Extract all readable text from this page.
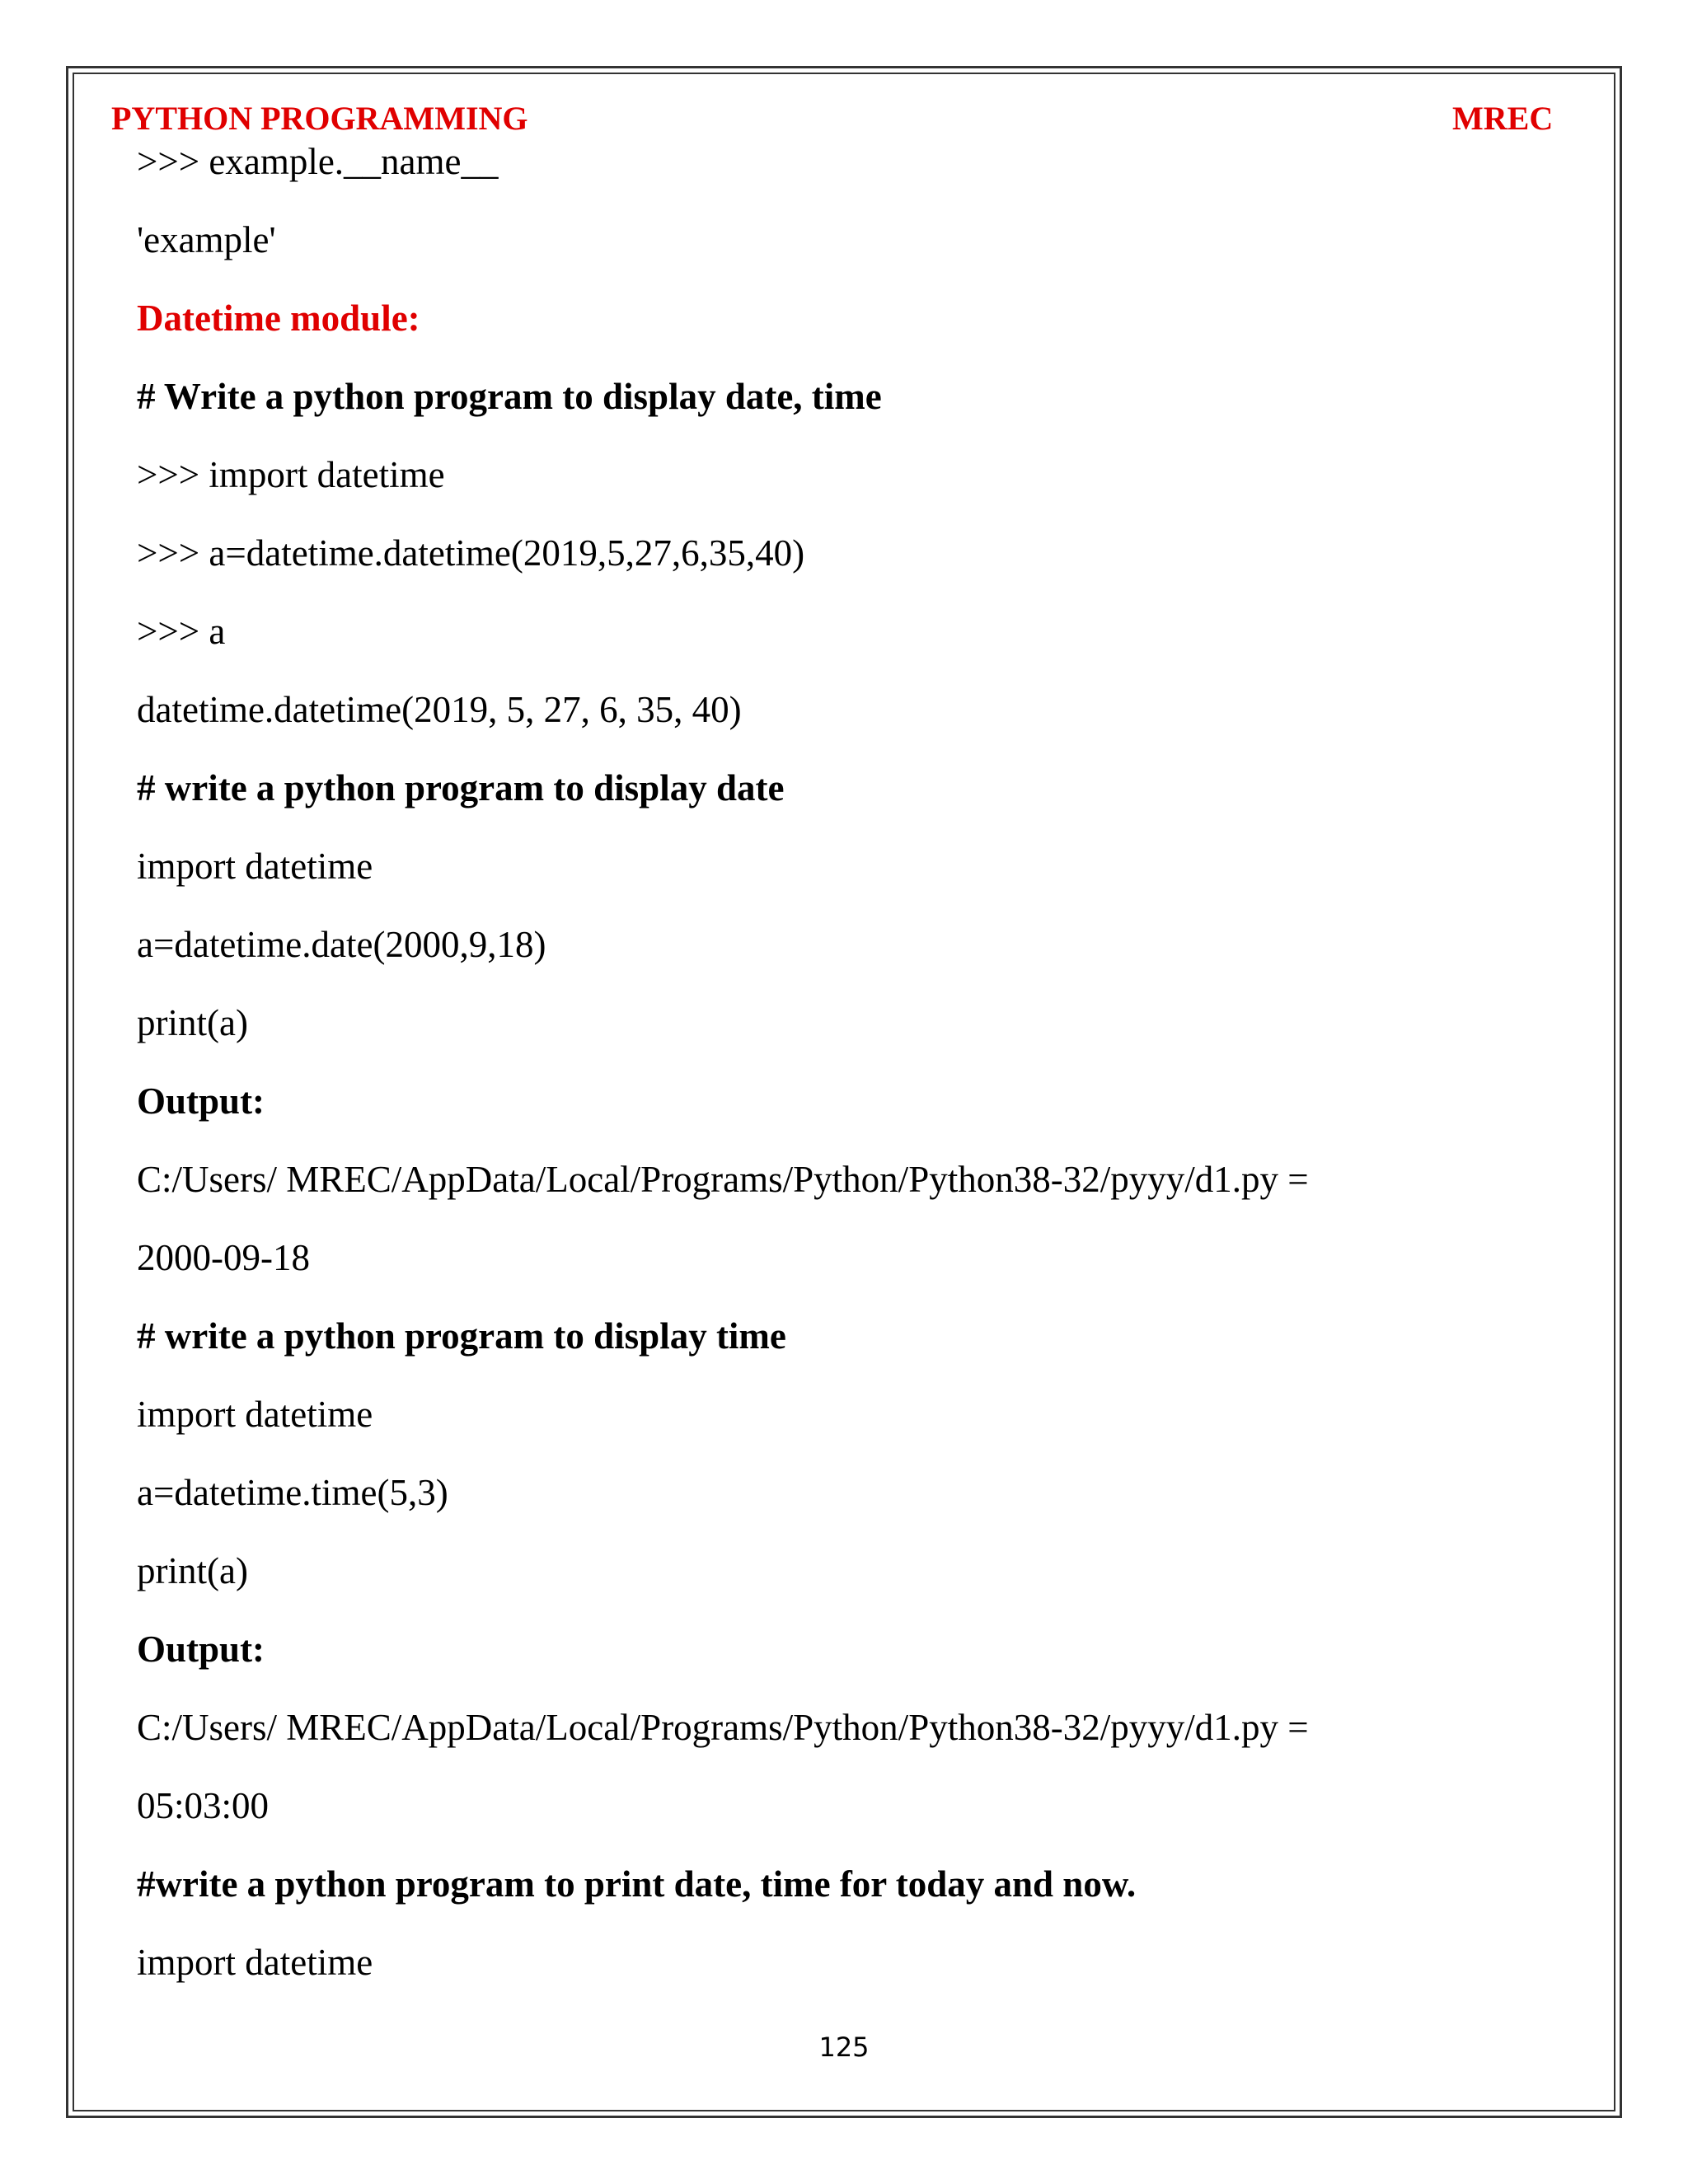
PYTHON PROGRAMMING	MREC
>>> example.__name__
'example'
Datetime module:
# Write a python program to display date, time
>>> import datetime
>>> a=datetime.datetime(2019,5,27,6,35,40)
>>> a
datetime.datetime(2019, 5, 27, 6, 35, 40)
# write a python program to display date
import datetime
a=datetime.date(2000,9,18)
print(a)
Output:
C:/Users/ MREC/AppData/Local/Programs/Python/Python38-32/pyyy/d1.py =
2000-09-18
# write a python program to display time
import datetime
a=datetime.time(5,3)
print(a)
Output:
C:/Users/ MREC/AppData/Local/Programs/Python/Python38-32/pyyy/d1.py =
05:03:00
#write a python program to print date, time for today and now.
import datetime
125
